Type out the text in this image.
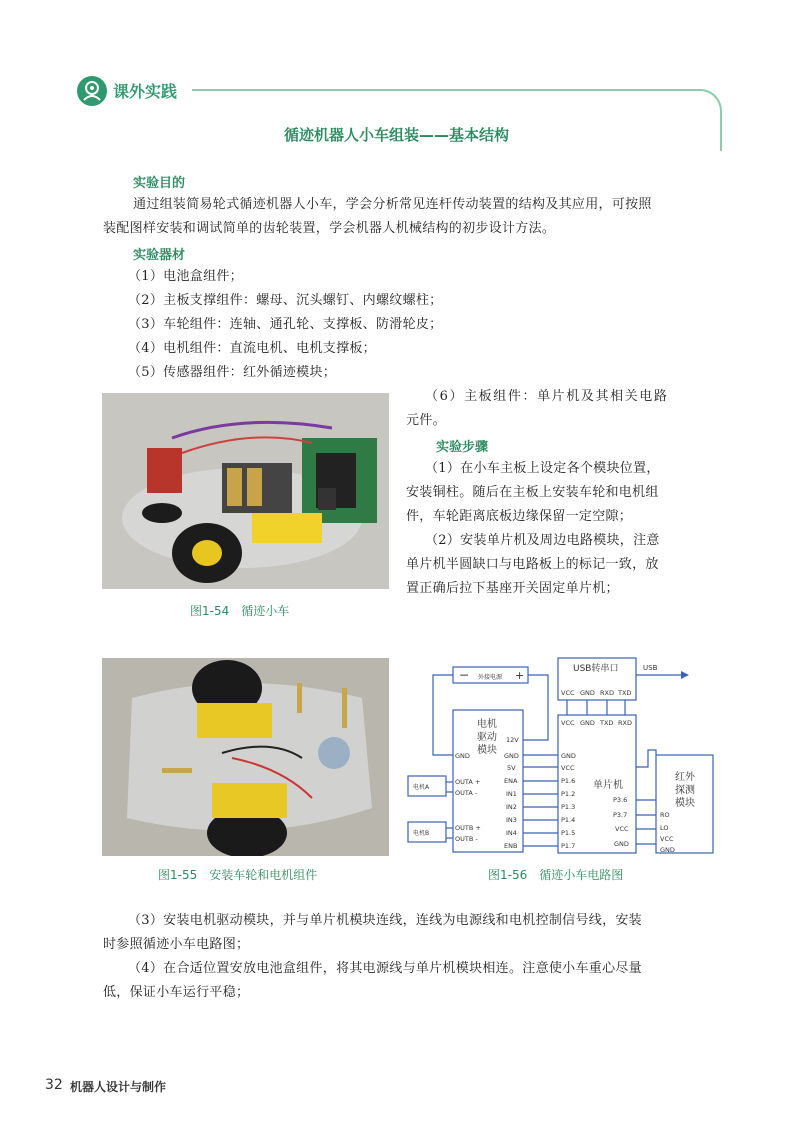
课外实践
循迹机器人小车组装——基本结构
实验目的
通过组装简易轮式循迹机器人小车，学会分析常见连杆传动装置的结构及其应用，可按照
装配图样安装和调试简单的齿轮装置，学会机器人机械结构的初步设计方法。
实验器材
（1）电池盒组件；
（2）主板支撑组件：螺母、沉头螺钉、内螺纹螺柱；
（3）车轮组件：连轴、通孔轮、支撑板、防滑轮皮；
（4）电机组件：直流电机、电机支撑板；
（5）传感器组件：红外循迹模块；
图1-54　循迹小车
（6）主板组件：单片机及其相关电路
元件。
实验步骤
（1）在小车主板上设定各个模块位置，
安装铜柱。随后在主板上安装车轮和电机组
件，车轮距离底板边缘保留一定空隙；
（2）安装单片机及周边电路模块，注意
单片机半圆缺口与电路板上的标记一致，放
置正确后拉下基座开关固定单片机；
图1-55　安装车轮和电机组件
− 外接电源 +	USB转串口	USB
VCC GND RXD TXD
VCC GND TXD RXD
电机
驱动
模块
GND
12V
GND
5V
ENA
IN1
IN2
IN3
IN4
ENB
OUTA +
OUTA -
OUTB +
OUTB -
电机A
电机B
单片机
GND
VCC
P1.6
P1.2
P1.3
P1.4
P1.5
P1.7
P3.6
P3.7
VCC
GND
红外
探测
模块
RO
LO
VCC
GND
图1-56　循迹小车电路图
（3）安装电机驱动模块，并与单片机模块连线，连线为电源线和电机控制信号线，安装
时参照循迹小车电路图；
（4）在合适位置安放电池盒组件，将其电源线与单片机模块相连。注意使小车重心尽量
低，保证小车运行平稳；
32 机器人设计与制作
